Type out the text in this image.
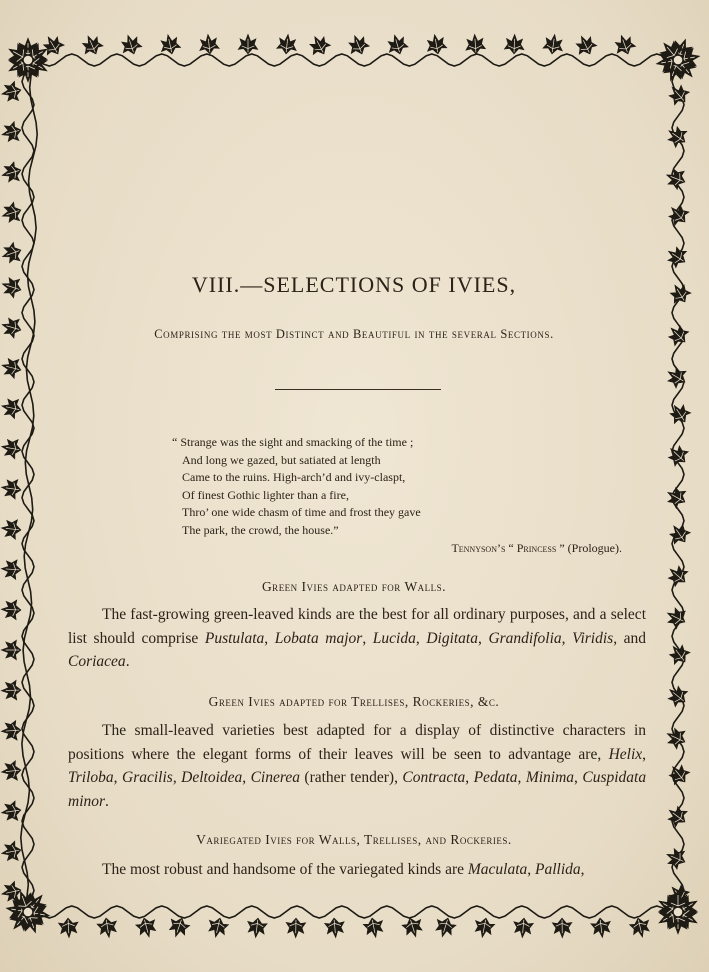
VIII.—SELECTIONS OF IVIES,
Comprising the most Distinct and Beautiful in the several Sections.
“ Strange was the sight and smacking of the time ;
And long we gazed, but satiated at length
Came to the ruins. High-arch’d and ivy-claspt,
Of finest Gothic lighter than a fire,
Thro’ one wide chasm of time and frost they gave
The park, the crowd, the house.”
Tennyson’s “ Princess ” (Prologue).
Green Ivies adapted for Walls.
The fast-growing green-leaved kinds are the best for all ordinary purposes, and a select list should comprise Pustulata, Lobata major, Lucida, Digitata, Grandifolia, Viridis, and Coriacea.
Green Ivies adapted for Trellises, Rockeries, &c.
The small-leaved varieties best adapted for a display of distinctive characters in positions where the elegant forms of their leaves will be seen to advantage are, Helix, Triloba, Gracilis, Deltoidea, Cinerea (rather tender), Contracta, Pedata, Minima, Cuspidata minor.
Variegated Ivies for Walls, Trellises, and Rockeries.
The most robust and handsome of the variegated kinds are Maculata, Pallida,
